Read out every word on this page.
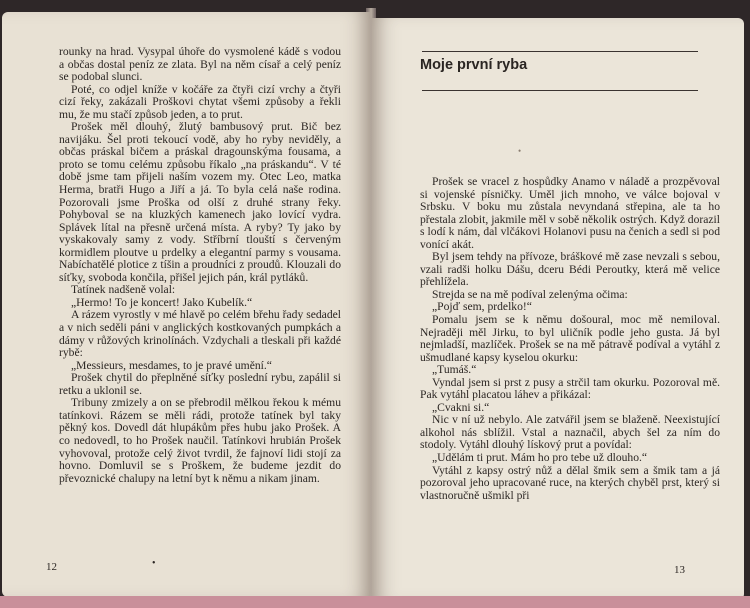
rounky na hrad. Vysypal úhoře do vysmolené kádě s vodou a občas dostal peníz ze zlata. Byl na něm císař a celý peníz se podobal slunci.

Poté, co odjel kníže v kočáře za čtyři cizí vrchy a čtyři cizí řeky, zakázali Proškovi chytat všemi způsoby a řekli mu, že mu stačí způsob jeden, a to prut.

Prošek měl dlouhý, žlutý bambusový prut. Bič bez navijáku. Šel proti tekoucí vodě, aby ho ryby neviděly, a občas práskal bičem a práskal dragounskýma fousama, a proto se tomu celému způsobu říkalo „na práskandu“. V té době jsme tam přijeli naším vozem my. Otec Leo, matka Herma, bratři Hugo a Jiří a já. To byla celá naše rodina. Pozorovali jsme Proška od olší z druhé strany řeky. Pohyboval se na kluzkých kamenech jako lovící vydra. Splávek lítal na přesně určená místa. A ryby? Ty jako by vyskakovaly samy z vody. Stříbrní tlouští s červeným kormidlem ploutve u prdelky a elegantní parmy s vousama. Nabíchatělé plotice z tíšin a proudníci z proudů. Klouzali do síťky, svoboda končila, přišel jejich pán, král pytláků.

Tatínek nadšeně volal:

„Hermo! To je koncert! Jako Kubelík.“

A rázem vyrostly v mé hlavě po celém břehu řady sedadel a v nich seděli páni v anglických kostkovaných pumpkách a dámy v růžových krinolínách. Vzdychali a tleskali při každé rybě:

„Messieurs, mesdames, to je pravé umění.“

Prošek chytil do přeplněné síťky poslední rybu, zapálil si retku a uklonil se.

Tribuny zmizely a on se přebrodil mělkou řekou k mému tatínkovi. Rázem se měli rádi, protože tatínek byl taky pěkný kos. Dovedl dát hlupákům přes hubu jako Prošek. A co nedovedl, to ho Prošek naučil. Tatínkovi hrubián Prošek vyhovoval, protože celý život tvrdil, že fajnoví lidi stojí za hovno. Domluvil se s Proškem, že budeme jezdit do převoznické chalupy na letní byt k němu a nikam jinam.

12	•
Moje první ryba
•

Prošek se vracel z hospůdky Anamo v náladě a prozpěvoval si vojenské písničky. Uměl jich mnoho, ve válce bojoval v Srbsku. V boku mu zůstala nevyndaná střepina, ale ta ho přestala zlobit, jakmile měl v sobě několik ostrých. Když dorazil s lodí k nám, dal vlčákovi Holanovi pusu na čenich a sedl si pod vonící akát.

Byl jsem tehdy na přívoze, bráškové mě zase nevzali s sebou, vzali radši holku Dášu, dceru Bédi Peroutky, která mě velice přehlížela.

Strejda se na mě podíval zelenýma očima:

„Pojď sem, prdelko!“

Pomalu jsem se k němu došoural, moc mě nemiloval. Nejraději měl Jirku, to byl uličník podle jeho gusta. Já byl nejmladší, mazlíček. Prošek se na mě pátravě podíval a vytáhl z ušmudlané kapsy kyselou okurku:

„Tumáš.“

Vyndal jsem si prst z pusy a strčil tam okurku. Pozoroval mě. Pak vytáhl placatou láhev a přikázal:

„Cvakni si.“

Nic v ní už nebylo. Ale zatvářil jsem se blaženě. Neexistující alkohol nás sblížil. Vstal a naznačil, abych šel za ním do stodoly. Vytáhl dlouhý lískový prut a povídal:

„Udělám ti prut. Mám ho pro tebe už dlouho.“

Vytáhl z kapsy ostrý nůž a dělal šmik sem a šmik tam a já pozoroval jeho upracované ruce, na kterých chyběl prst, který si vlastnoručně ušmikl při

13
